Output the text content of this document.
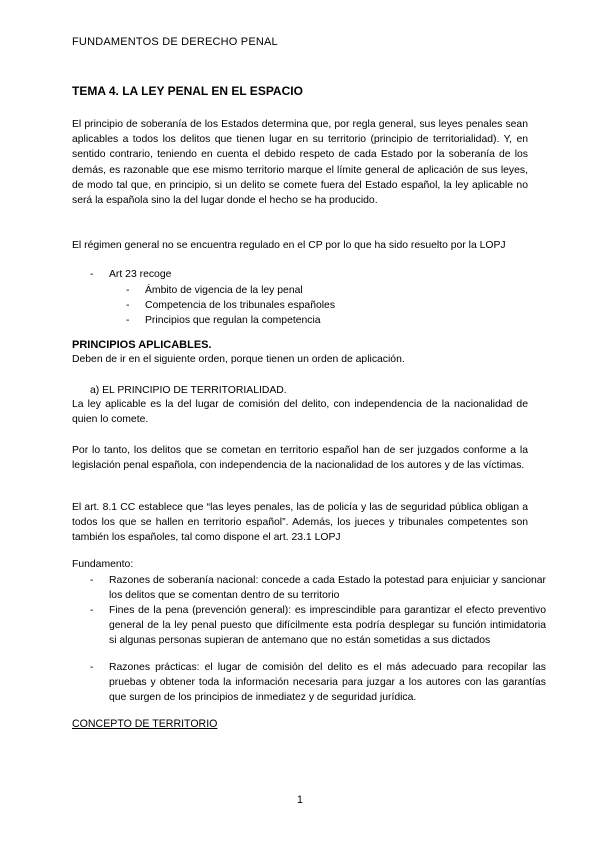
FUNDAMENTOS DE DERECHO PENAL
TEMA 4. LA LEY PENAL EN EL ESPACIO

El principio de soberanía de los Estados determina que, por regla general, sus leyes penales sean aplicables a todos los delitos que tienen lugar en su territorio (principio de territorialidad). Y, en sentido contrario, teniendo en cuenta el debido respeto de cada Estado por la soberanía de los demás, es razonable que ese mismo territorio marque el límite general de aplicación de sus leyes, de modo tal que, en principio, si un delito se comete fuera del Estado español, la ley aplicable no será la española sino la del lugar donde el hecho se ha producido.

El régimen general no se encuentra regulado en el CP por lo que ha sido resuelto por la LOPJ

- Art 23 recoge
- Ámbito de vigencia de la ley penal
- Competencia de los tribunales españoles
- Principios que regulan la competencia
PRINCIPIOS APLICABLES.

Deben de ir en el siguiente orden, porque tienen un orden de aplicación.

a) EL PRINCIPIO DE TERRITORIALIDAD.

La ley aplicable es la del lugar de comisión del delito, con independencia de la nacionalidad de quien lo comete.

Por lo tanto, los delitos que se cometan en territorio español han de ser juzgados conforme a la legislación penal española, con independencia de la nacionalidad de los autores y de las víctimas.

El art. 8.1 CC establece que “las leyes penales, las de policía y las de seguridad pública obligan a todos los que se hallen en territorio español”. Además, los jueces y tribunales competentes son también los españoles, tal como dispone el art. 23.1 LOPJ

Fundamento:

- Razones de soberanía nacional: concede a cada Estado la potestad para enjuiciar y sancionar los delitos que se comentan dentro de su territorio
- Fines de la pena (prevención general): es imprescindible para garantizar el efecto preventivo general de la ley penal puesto que difícilmente esta podría desplegar su función intimidatoria si algunas personas supieran de antemano que no están sometidas a sus dictados
- Razones prácticas: el lugar de comisión del delito es el más adecuado para recopilar las pruebas y obtener toda la información necesaria para juzgar a los autores con las garantías que surgen de los principios de inmediatez y de seguridad jurídica.
CONCEPTO DE TERRITORIO
1
